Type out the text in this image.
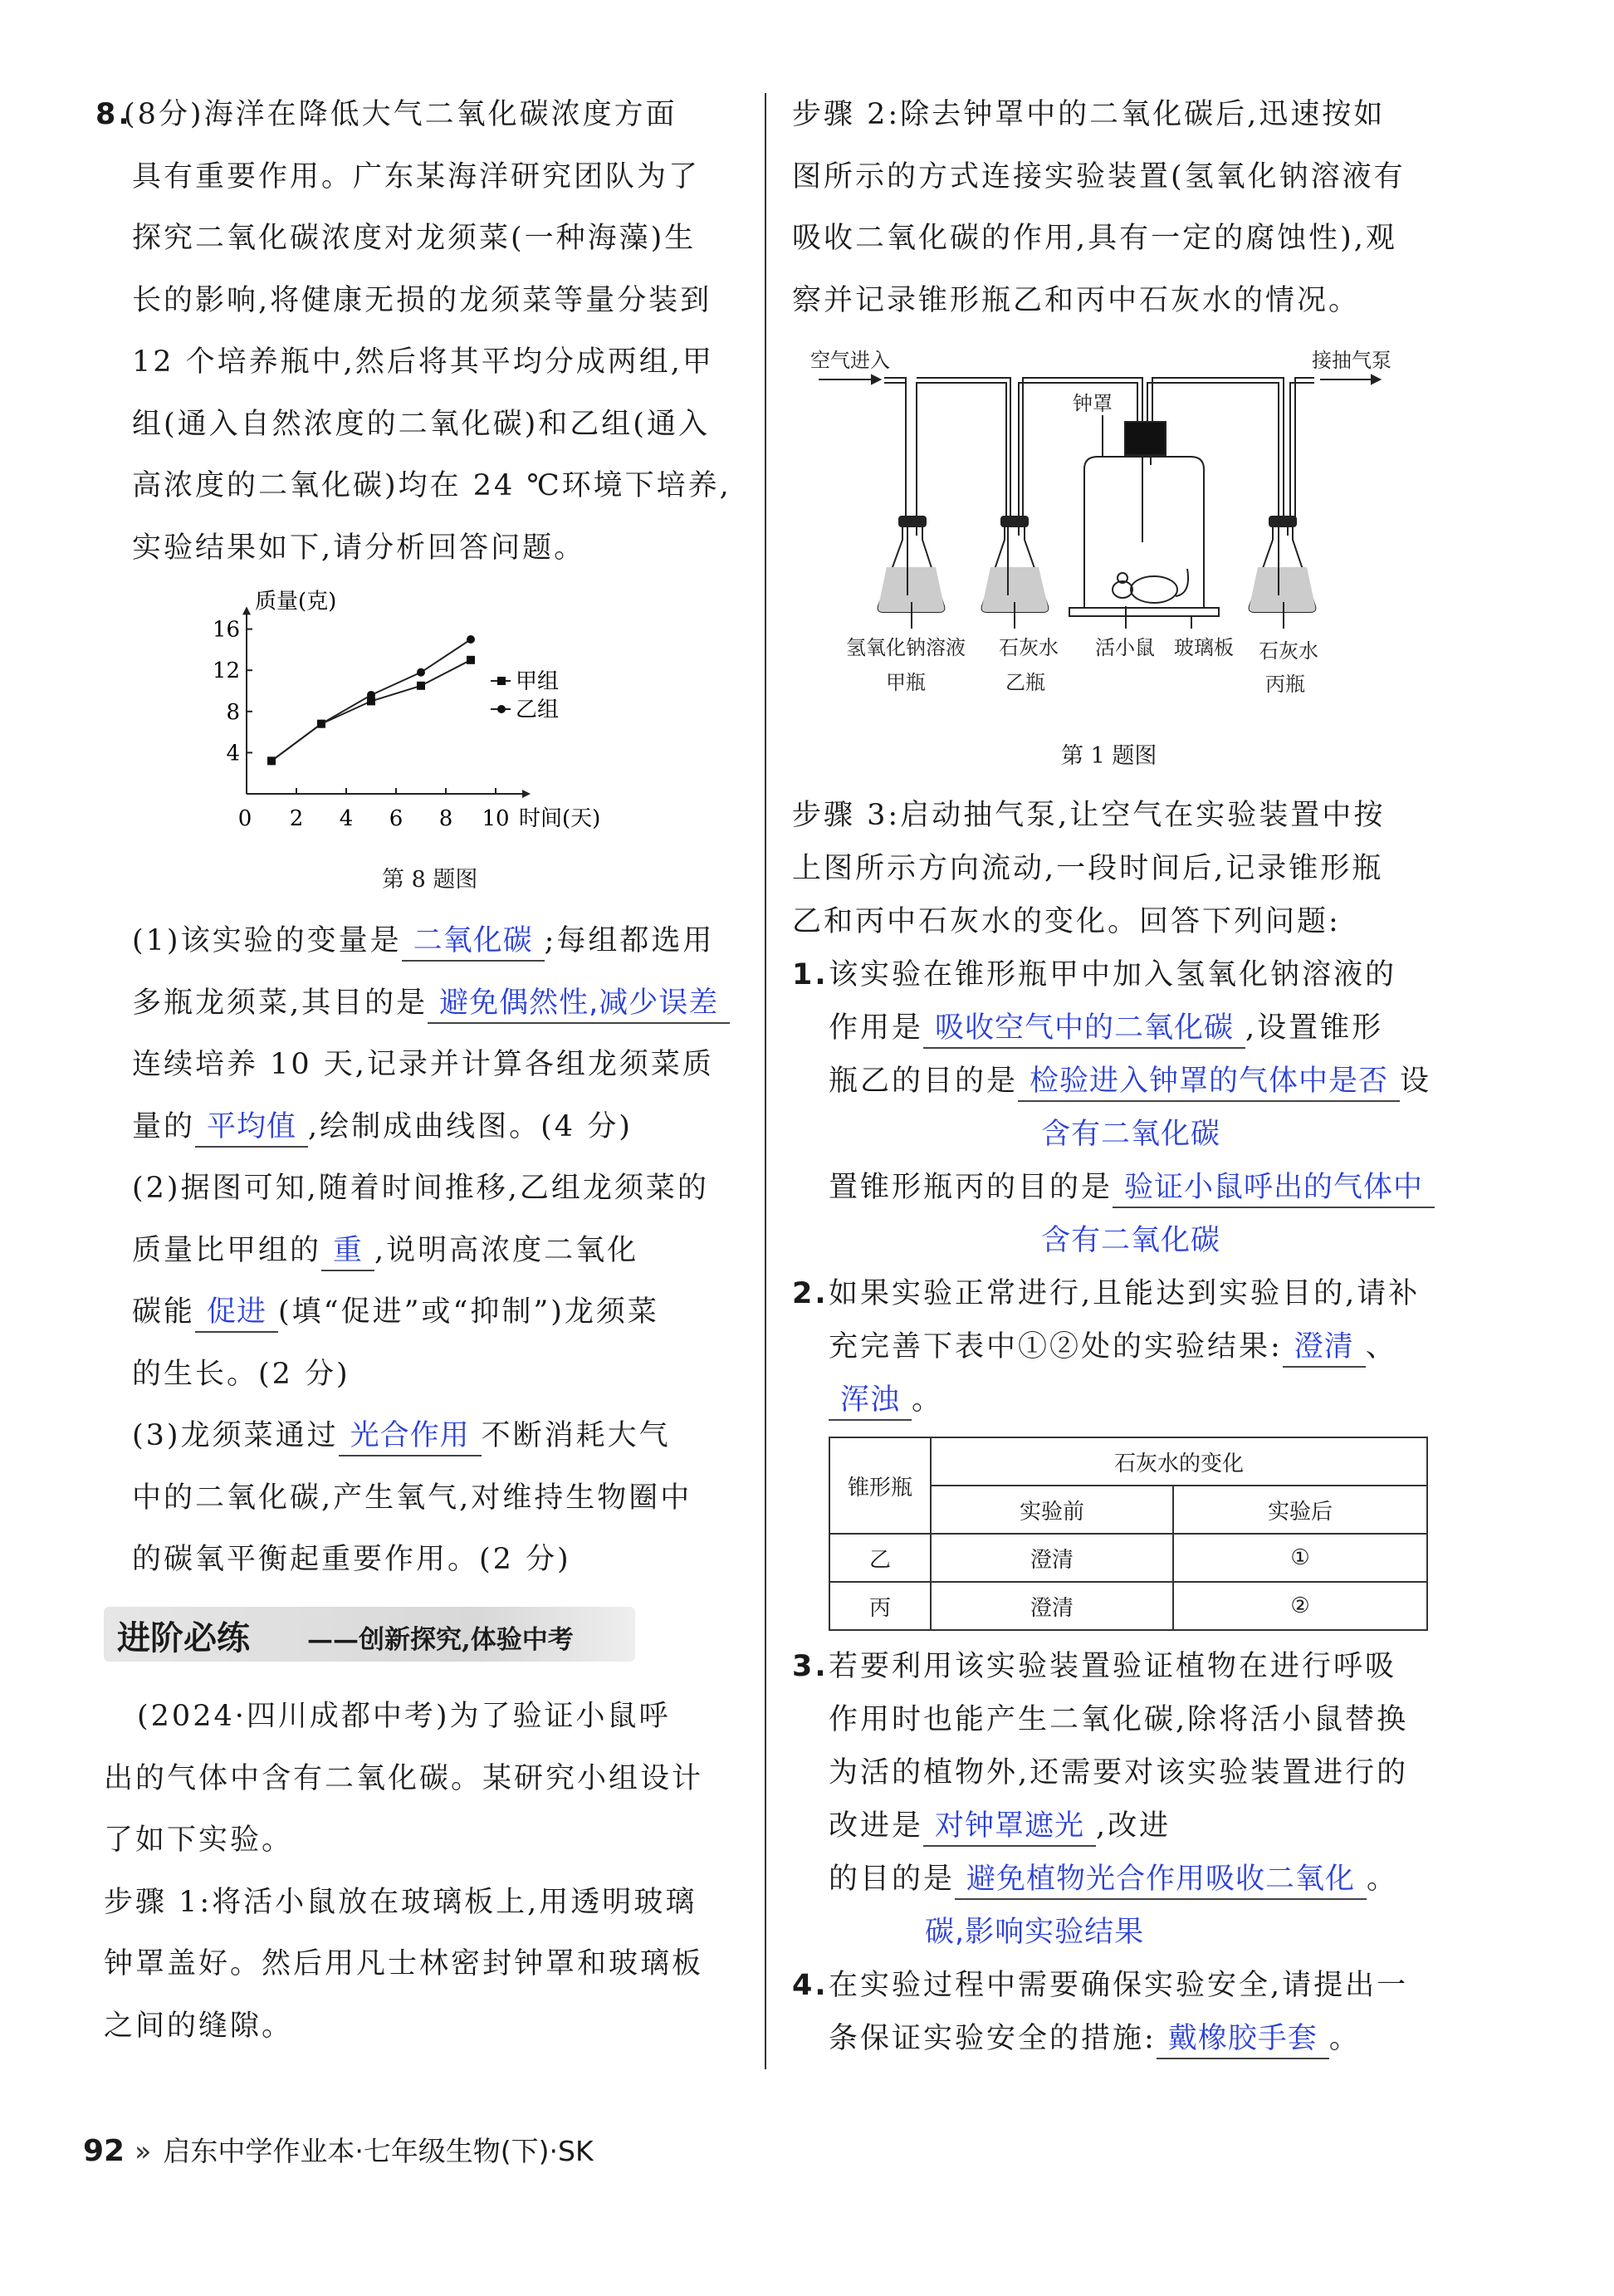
8.
(8分)海洋在降低大气二氧化碳浓度方面
具有重要作用。广东某海洋研究团队为了
探究二氧化碳浓度对龙须菜(一种海藻)生
长的影响,将健康无损的龙须菜等量分装到
12 个培养瓶中,然后将其平均分成两组,甲
组(通入自然浓度的二氧化碳)和乙组(通入
高浓度的二氧化碳)均在 24 ℃环境下培养,
实验结果如下,请分析回答问题。
0 2 4 6 8 10
4
8
12
16
时间(天)
质量(克)
甲组
乙组
第 8 题图
(1)该实验的变量是 二氧化碳 ;每组都选用
多瓶龙须菜,其目的是 避免偶然性,减少误差
连续培养 10 天,记录并计算各组龙须菜质
量的 平均值 ,绘制成曲线图。(4 分)
(2)据图可知,随着时间推移,乙组龙须菜的
质量比甲组的 重 ,说明高浓度二氧化
碳能 促进 (填“促进”或“抑制”)龙须菜
的生长。(2 分)
(3)龙须菜通过 光合作用 不断消耗大气
中的二氧化碳,产生氧气,对维持生物圈中
的碳氧平衡起重要作用。(2 分)
进阶必练 ——创新探究,体验中考
(2024·四川成都中考)为了验证小鼠呼
出的气体中含有二氧化碳。某研究小组设计
了如下实验。
步骤 1:将活小鼠放在玻璃板上,用透明玻璃
钟罩盖好。然后用凡士林密封钟罩和玻璃板
之间的缝隙。
步骤 2:除去钟罩中的二氧化碳后,迅速按如
图所示的方式连接实验装置(氢氧化钠溶液有
吸收二氧化碳的作用,具有一定的腐蚀性),观
察并记录锥形瓶乙和丙中石灰水的情况。
空气进入	接抽气泵
钟罩
氢氧化钠溶液
甲瓶
石灰水
乙瓶
活小鼠 玻璃板 石灰水
丙瓶
第 1 题图
步骤 3:启动抽气泵,让空气在实验装置中按
上图所示方向流动,一段时间后,记录锥形瓶
乙和丙中石灰水的变化。回答下列问题:
1. 该实验在锥形瓶甲中加入氢氧化钠溶液的
作用是 吸收空气中的二氧化碳 ,设置锥形
瓶乙的目的是 检验进入钟罩的气体中是否 设
含有二氧化碳
置锥形瓶丙的目的是 验证小鼠呼出的气体中
含有二氧化碳
2. 如果实验正常进行,且能达到实验目的,请补
充完善下表中①②处的实验结果: 澄清 、
浑浊 。
锥形瓶	石灰水的变化	
	实验前	实验后
乙	澄清	①
丙	澄清	②
3. 若要利用该实验装置验证植物在进行呼吸
作用时也能产生二氧化碳,除将活小鼠替换
为活的植物外,还需要对该实验装置进行的
改进是 对钟罩遮光 ,改进
的目的是 避免植物光合作用吸收二氧化 。
碳,影响实验结果
4. 在实验过程中需要确保实验安全,请提出一
条保证实验安全的措施: 戴橡胶手套 。
92 » 启东中学作业本·七年级生物(下)·SK
